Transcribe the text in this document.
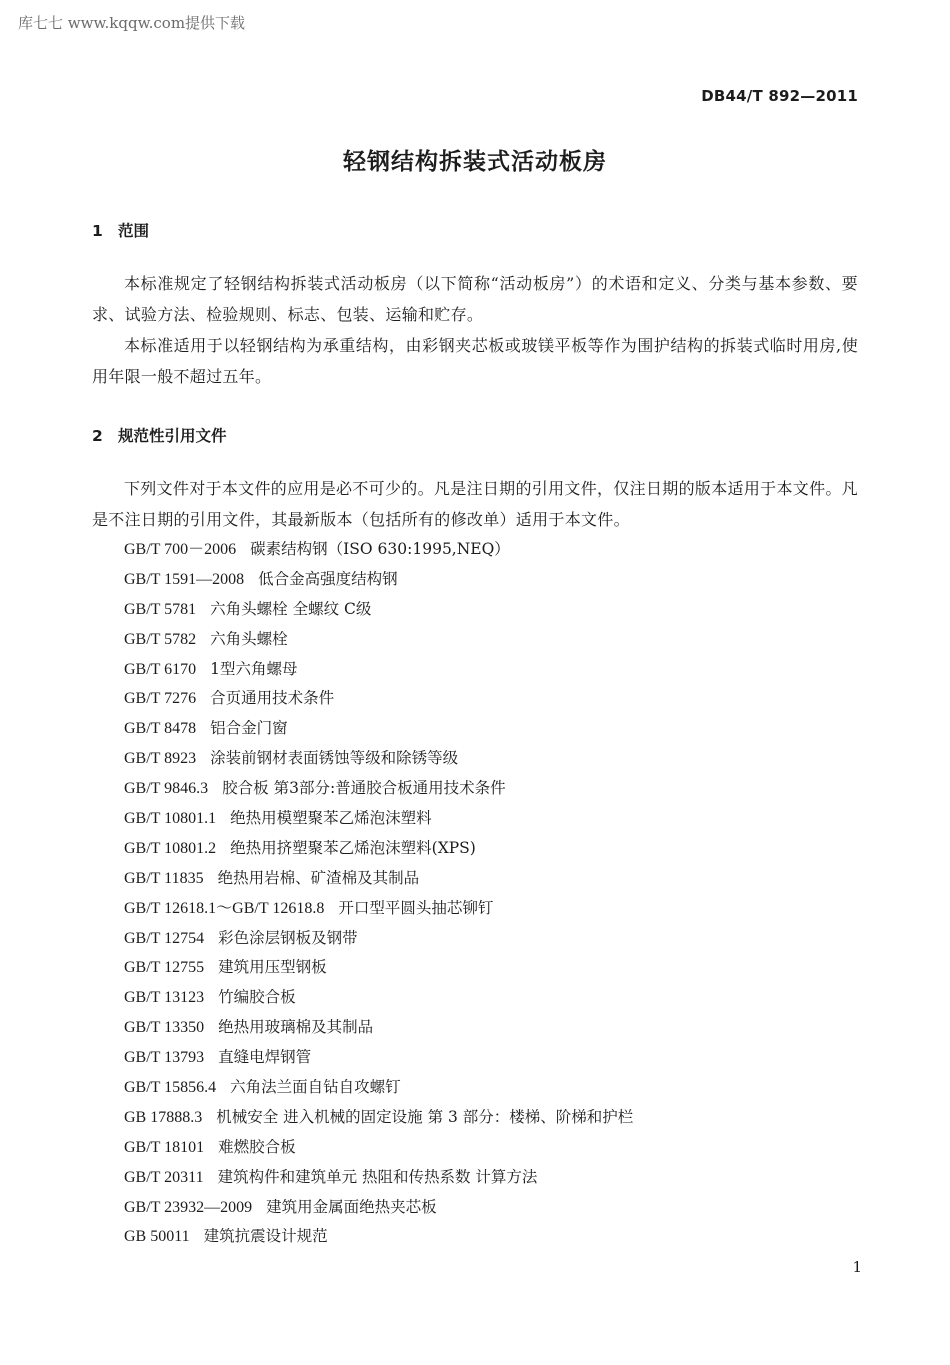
库七七 www.kqqw.com提供下载
DB44/T 892—2011
轻钢结构拆装式活动板房
1 范围

本标准规定了轻钢结构拆装式活动板房（以下简称“活动板房”）的术语和定义、分类与基本参数、要求、试验方法、检验规则、标志、包装、运输和贮存。

本标准适用于以轻钢结构为承重结构，由彩钢夹芯板或玻镁平板等作为围护结构的拆装式临时用房,使用年限一般不超过五年。

2 规范性引用文件

下列文件对于本文件的应用是必不可少的。凡是注日期的引用文件，仅注日期的版本适用于本文件。凡是不注日期的引用文件，其最新版本（包括所有的修改单）适用于本文件。

GB/T 700－2006 碳素结构钢（ISO 630:1995,NEQ）
GB/T 1591—2008 低合金高强度结构钢
GB/T 5781 六角头螺栓 全螺纹 C级
GB/T 5782 六角头螺栓
GB/T 6170 1型六角螺母
GB/T 7276 合页通用技术条件
GB/T 8478 铝合金门窗
GB/T 8923 涂装前钢材表面锈蚀等级和除锈等级
GB/T 9846.3 胶合板 第3部分:普通胶合板通用技术条件
GB/T 10801.1 绝热用模塑聚苯乙烯泡沫塑料
GB/T 10801.2 绝热用挤塑聚苯乙烯泡沫塑料(XPS)
GB/T 11835 绝热用岩棉、矿渣棉及其制品
GB/T 12618.1～GB/T 12618.8 开口型平圆头抽芯铆钉
GB/T 12754 彩色涂层钢板及钢带
GB/T 12755 建筑用压型钢板
GB/T 13123 竹编胶合板
GB/T 13350 绝热用玻璃棉及其制品
GB/T 13793 直缝电焊钢管
GB/T 15856.4 六角法兰面自钻自攻螺钉
GB 17888.3 机械安全 进入机械的固定设施 第 3 部分：楼梯、阶梯和护栏
GB/T 18101 难燃胶合板
GB/T 20311 建筑构件和建筑单元 热阻和传热系数 计算方法
GB/T 23932—2009 建筑用金属面绝热夹芯板
GB 50011 建筑抗震设计规范
1
